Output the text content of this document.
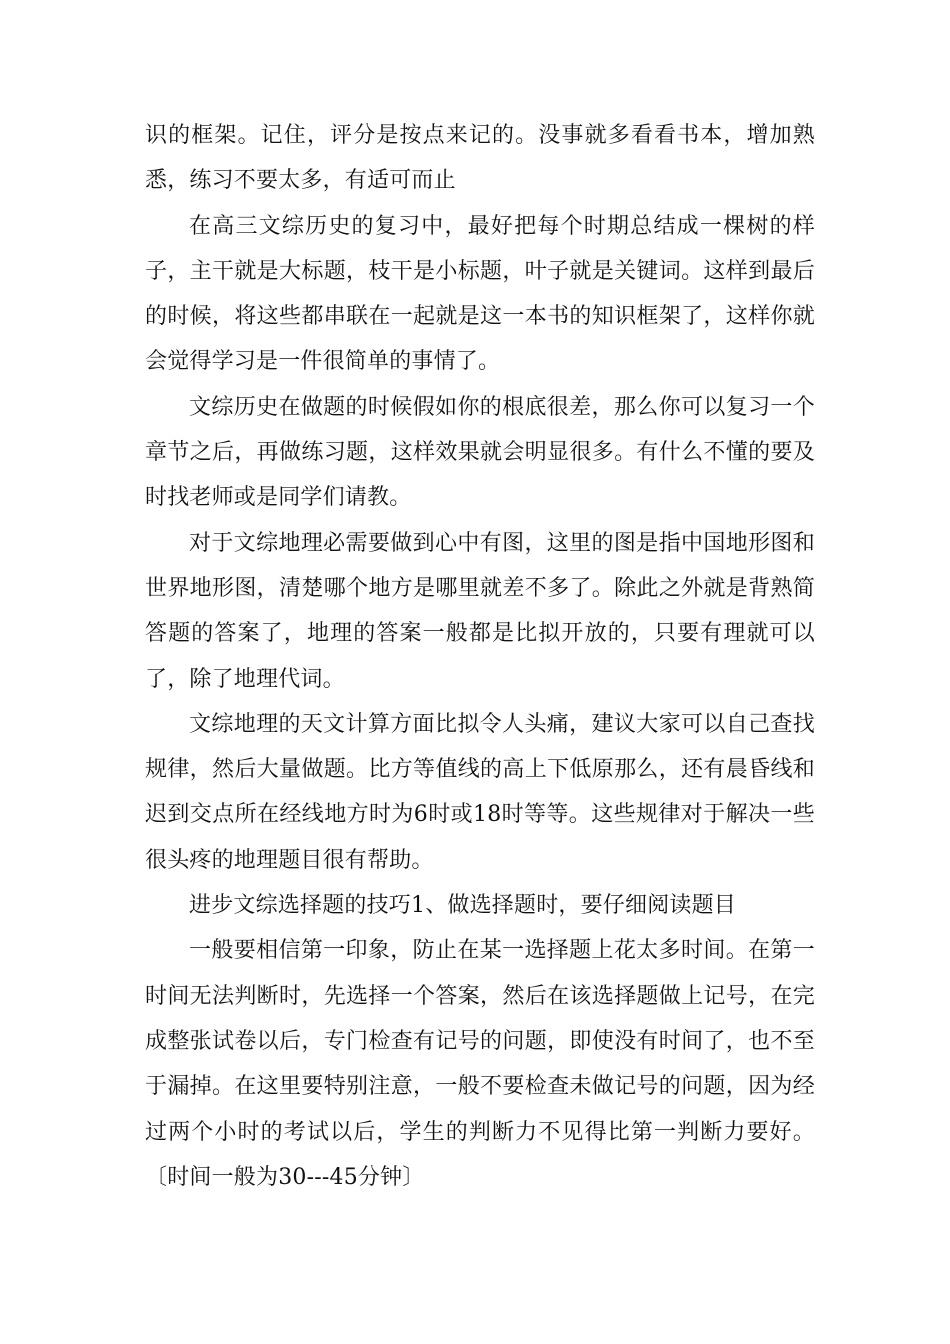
识的框架。记住，评分是按点来记的。没事就多看看书本，增加熟悉，练习不要太多，有适可而止

在高三文综历史的复习中，最好把每个时期总结成一棵树的样子，主干就是大标题，枝干是小标题，叶子就是关键词。这样到最后的时候，将这些都串联在一起就是这一本书的知识框架了，这样你就会觉得学习是一件很简单的事情了。

文综历史在做题的时候假如你的根底很差，那么你可以复习一个章节之后，再做练习题，这样效果就会明显很多。有什么不懂的要及时找老师或是同学们请教。

对于文综地理必需要做到心中有图，这里的图是指中国地形图和世界地形图，清楚哪个地方是哪里就差不多了。除此之外就是背熟简答题的答案了，地理的答案一般都是比拟开放的，只要有理就可以了，除了地理代词。

文综地理的天文计算方面比拟令人头痛，建议大家可以自己查找规律，然后大量做题。比方等值线的高上下低原那么，还有晨昏线和迟到交点所在经线地方时为6时或18时等等。这些规律对于解决一些很头疼的地理题目很有帮助。

进步文综选择题的技巧1、做选择题时，要仔细阅读题目

一般要相信第一印象，防止在某一选择题上花太多时间。在第一时间无法判断时，先选择一个答案，然后在该选择题做上记号，在完成整张试卷以后，专门检查有记号的问题，即使没有时间了，也不至于漏掉。在这里要特别注意，一般不要检查未做记号的问题，因为经过两个小时的考试以后，学生的判断力不见得比第一判断力要好。〔时间一般为30---45分钟〕
